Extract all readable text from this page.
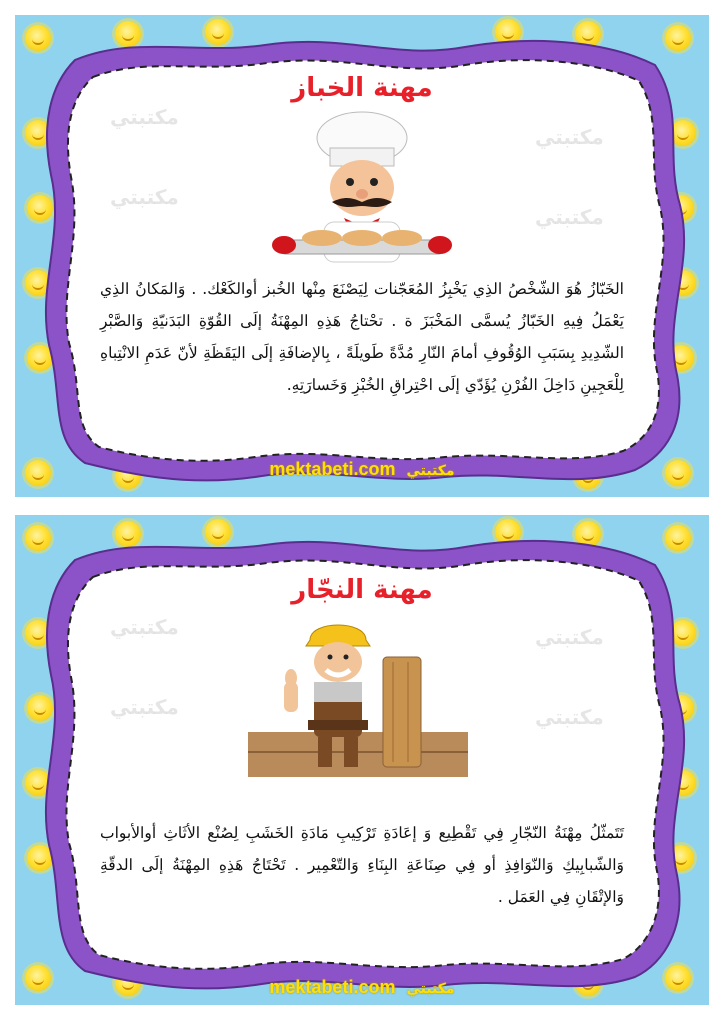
مكتبتي
مكتبتي
مكتبتي
مكتبتي
مهنة الخباز
الخَبّازُ هُوَ الشّخْصُ الذِي يَخْبِزُ المُعَجّنات لِيَصْنَعَ مِنْها الخُبز أوالكَعْك. . وَالمَكانُ الذِي يَعْمَلُ فِيهِ الخَبّازُ يُسمَّى المَخْبَزَ ة . تحْتاجُ هَذِهِ المِهْنَةُ إلَى القُوّةِ البَدَنيّةِ وَالصَّبْرِ الشّدِيدِ بِسَبَبِ الوُقُوفِ أمامَ النّارِ مُدَّةً طَويلَةً ، بِالإضافَةِ إلَى اليَقَظَةِ لأنّ عَدَمِ الانْتِباهِ لِلْعَجِينِ دَاخِلَ الفُرْنِ يُؤَدّي إلَى احْتِراقِ الخُبْزِ وَخَسارَتِهِ.
mektabeti.com مكتبتي
مكتبتي
مكتبتي
مكتبتي
مكتبتي
مهنة النجّار
تَتَمثّلُ مِهْنَةُ النّجّارِ فِي تَقْطِيع وَ إعَادَةِ تَرْكِيبِ مَادَةِ الخَشَبِ لِصُنْع الأثَاثِ أوالأبواب وَالشّبابِيكِ وَالنّوَافِذِ أو فِي صِنَاعَةِ البِنَاءِ وَالتّعْمِير . تَحْتَاجُ هَذِهِ المِهْنَةُ إلَى الدقّةِ وَالإتْقَانِ فِي العَمَل .
mektabeti.com مكتبتي
